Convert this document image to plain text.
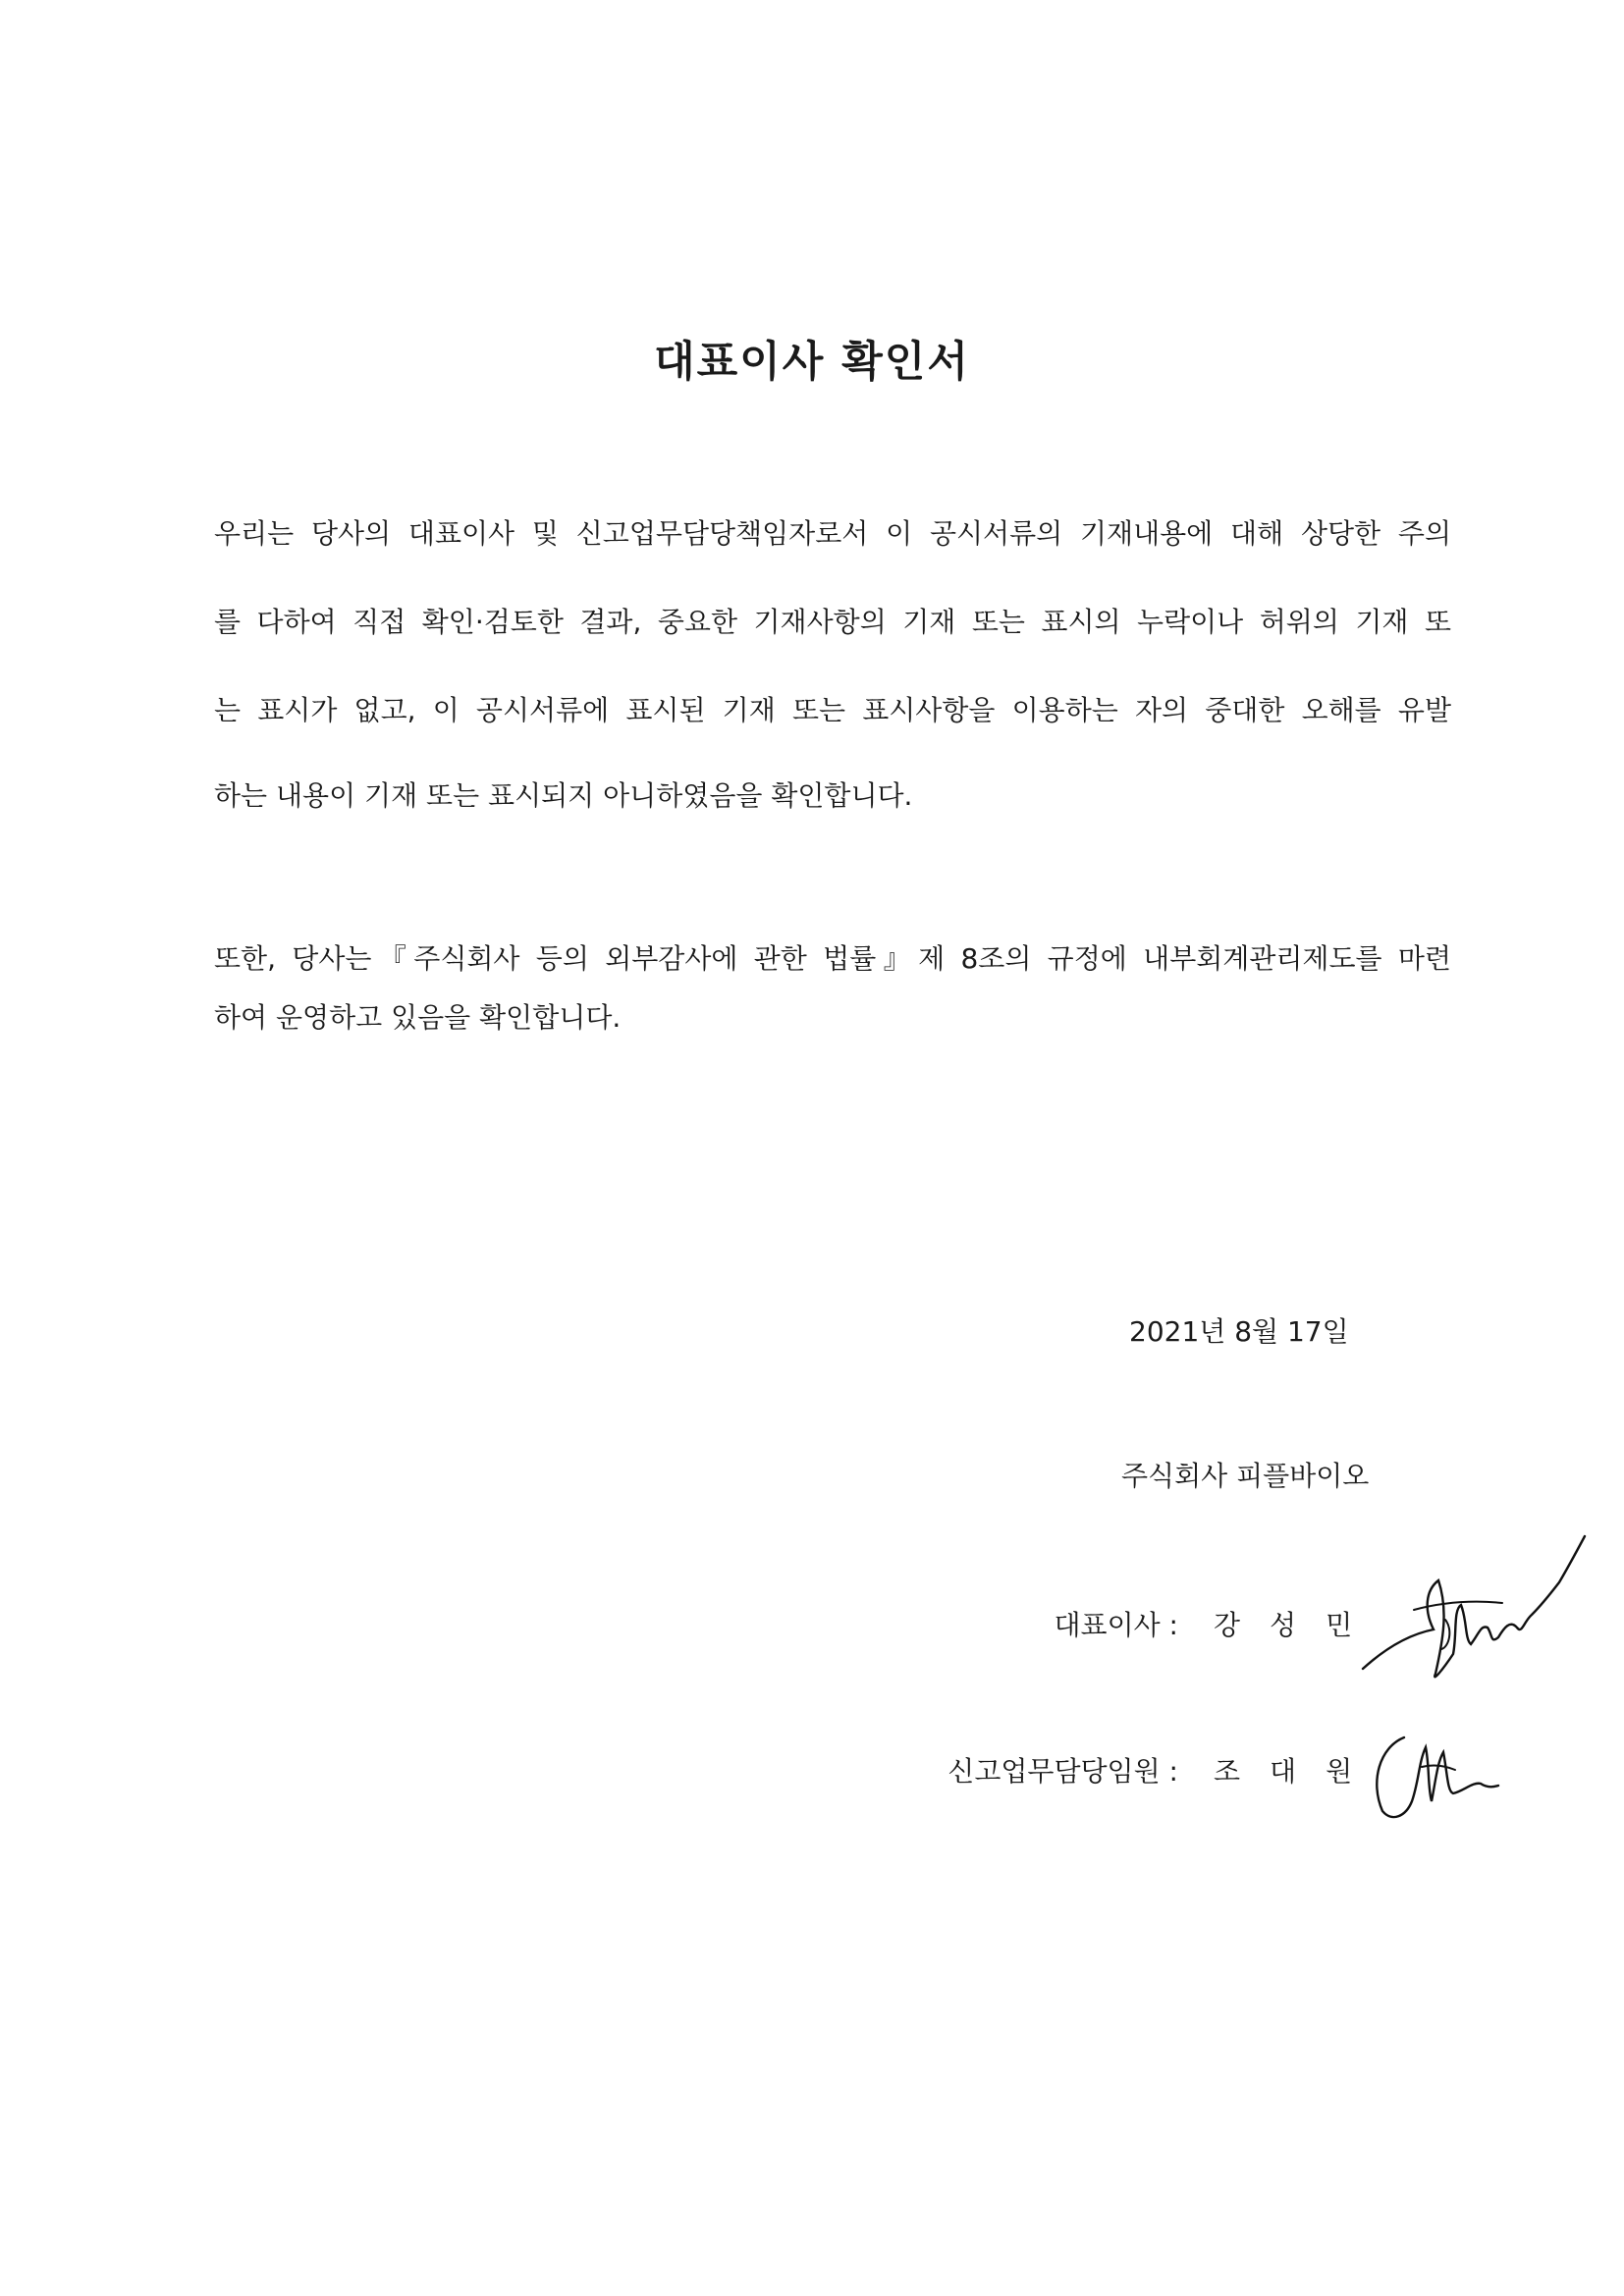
대표이사 확인서
우리는 당사의 대표이사 및 신고업무담당책임자로서 이 공시서류의 기재내용에 대해 상당한 주의
를 다하여 직접 확인·검토한 결과, 중요한 기재사항의 기재 또는 표시의 누락이나 허위의 기재 또
는 표시가 없고, 이 공시서류에 표시된 기재 또는 표시사항을 이용하는 자의 중대한 오해를 유발
하는 내용이 기재 또는 표시되지 아니하였음을 확인합니다.
또한, 당사는『주식회사 등의 외부감사에 관한 법률』제 8조의 규정에 내부회계관리제도를 마련
하여 운영하고 있음을 확인합니다.
2021년 8월 17일
주식회사 피플바이오
대표이사 : 강성민
신고업무담당임원 : 조대원
